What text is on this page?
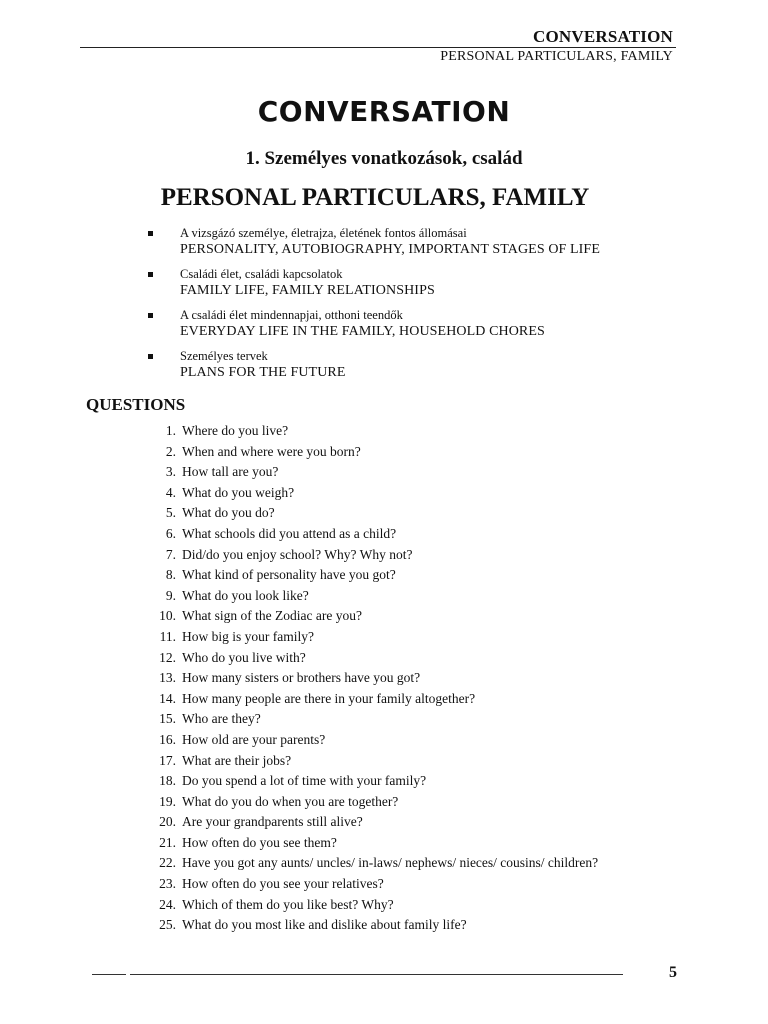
CONVERSATION
PERSONAL PARTICULARS, FAMILY
CONVERSATION
1. Személyes vonatkozások, család
PERSONAL PARTICULARS, FAMILY
A vizsgázó személye, életrajza, életének fontos állomásai
PERSONALITY, AUTOBIOGRAPHY, IMPORTANT STAGES OF LIFE
Családi élet, családi kapcsolatok
FAMILY LIFE, FAMILY RELATIONSHIPS
A családi élet mindennapjai, otthoni teendők
EVERYDAY LIFE IN THE FAMILY, HOUSEHOLD CHORES
Személyes tervek
PLANS FOR THE FUTURE
QUESTIONS
1. Where do you live?
2. When and where were you born?
3. How tall are you?
4. What do you weigh?
5. What do you do?
6. What schools did you attend as a child?
7. Did/do you enjoy school? Why? Why not?
8. What kind of personality have you got?
9. What do you look like?
10. What sign of the Zodiac are you?
11. How big is your family?
12. Who do you live with?
13. How many sisters or brothers have you got?
14. How many people are there in your family altogether?
15. Who are they?
16. How old are your parents?
17. What are their jobs?
18. Do you spend a lot of time with your family?
19. What do you do when you are together?
20. Are your grandparents still alive?
21. How often do you see them?
22. Have you got any aunts/ uncles/ in-laws/ nephews/ nieces/ cousins/ children?
23. How often do you see your relatives?
24. Which of them do you like best? Why?
25. What do you most like and dislike about family life?
5
